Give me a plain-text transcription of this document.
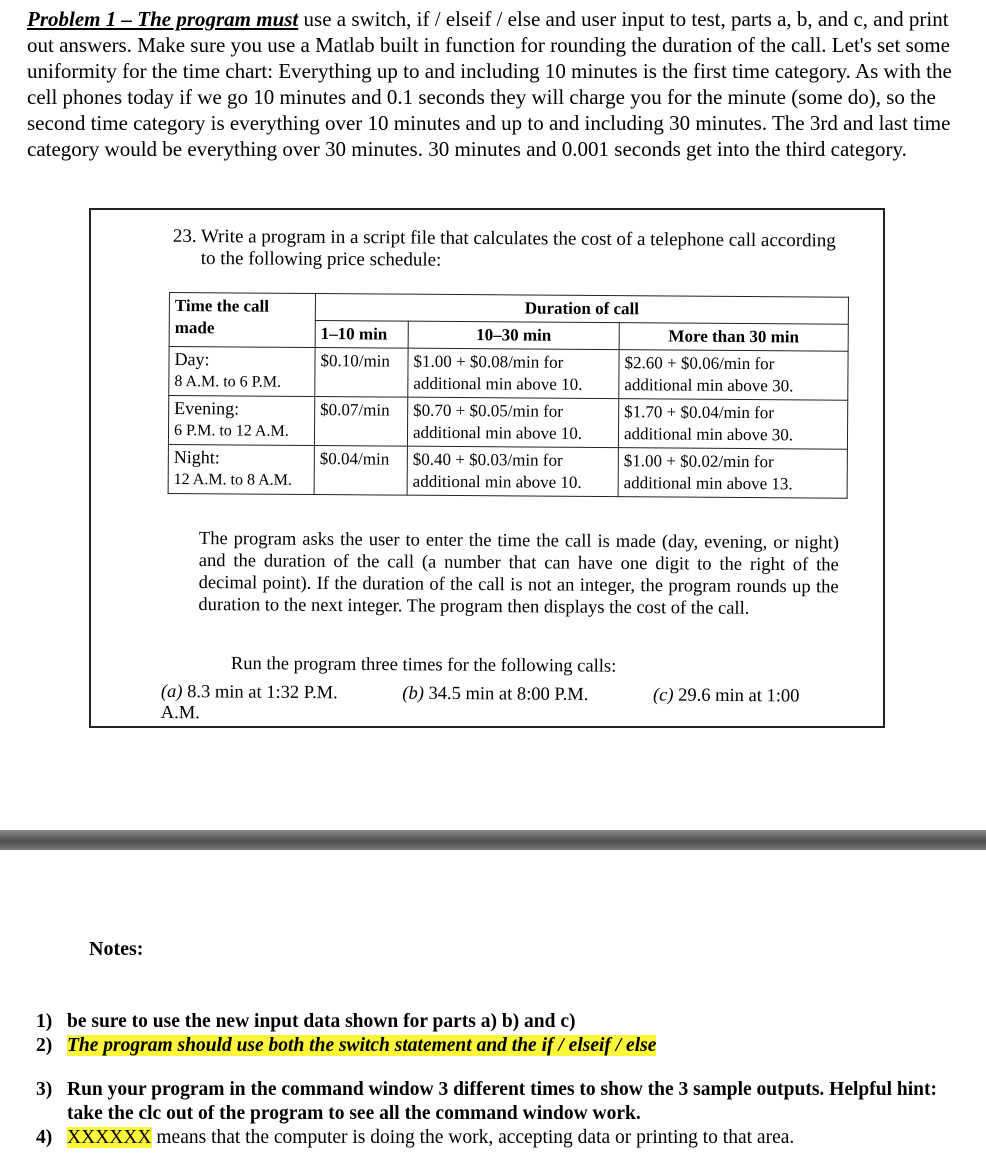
Problem 1 – The program must use a switch, if / elseif / else and user input to test, parts a, b, and c, and print out answers. Make sure you use a Matlab built in function for rounding the duration of the call. Let's set some uniformity for the time chart: Everything up to and including 10 minutes is the first time category. As with the cell phones today if we go 10 minutes and 0.1 seconds they will charge you for the minute (some do), so the second time category is everything over 10 minutes and up to and including 30 minutes. The 3rd and last time category would be everything over 30 minutes. 30 minutes and 0.001 seconds get into the third category.
23. Write a program in a script file that calculates the cost of a telephone call according to the following price schedule:
Time the call made	Duration of call		
	1–10 min	10–30 min	More than 30 min
Day:
8 A.M. to 6 P.M.	$0.10/min	$1.00 + $0.08/min for additional min above 10.	$2.60 + $0.06/min for additional min above 30.
Evening:
6 P.M. to 12 A.M.	$0.07/min	$0.70 + $0.05/min for additional min above 10.	$1.70 + $0.04/min for additional min above 30.
Night:
12 A.M. to 8 A.M.	$0.04/min	$0.40 + $0.03/min for additional min above 10.	$1.00 + $0.02/min for additional min above 13.
The program asks the user to enter the time the call is made (day, evening, or night) and the duration of the call (a number that can have one digit to the right of the decimal point). If the duration of the call is not an integer, the program rounds up the duration to the next integer. The program then displays the cost of the call.
Run the program three times for the following calls:
(a) 8.3 min at 1:32 P.M.	(b) 34.5 min at 8:00 P.M.	(c) 29.6 min at 1:00 A.M.
Notes:
1) be sure to use the new input data shown for parts a) b) and c)
2) The program should use both the switch statement and the if / elseif / else
3) Run your program in the command window 3 different times to show the 3 sample outputs. Helpful hint: take the clc out of the program to see all the command window work.
4) XXXXXX means that the computer is doing the work, accepting data or printing to that area.
